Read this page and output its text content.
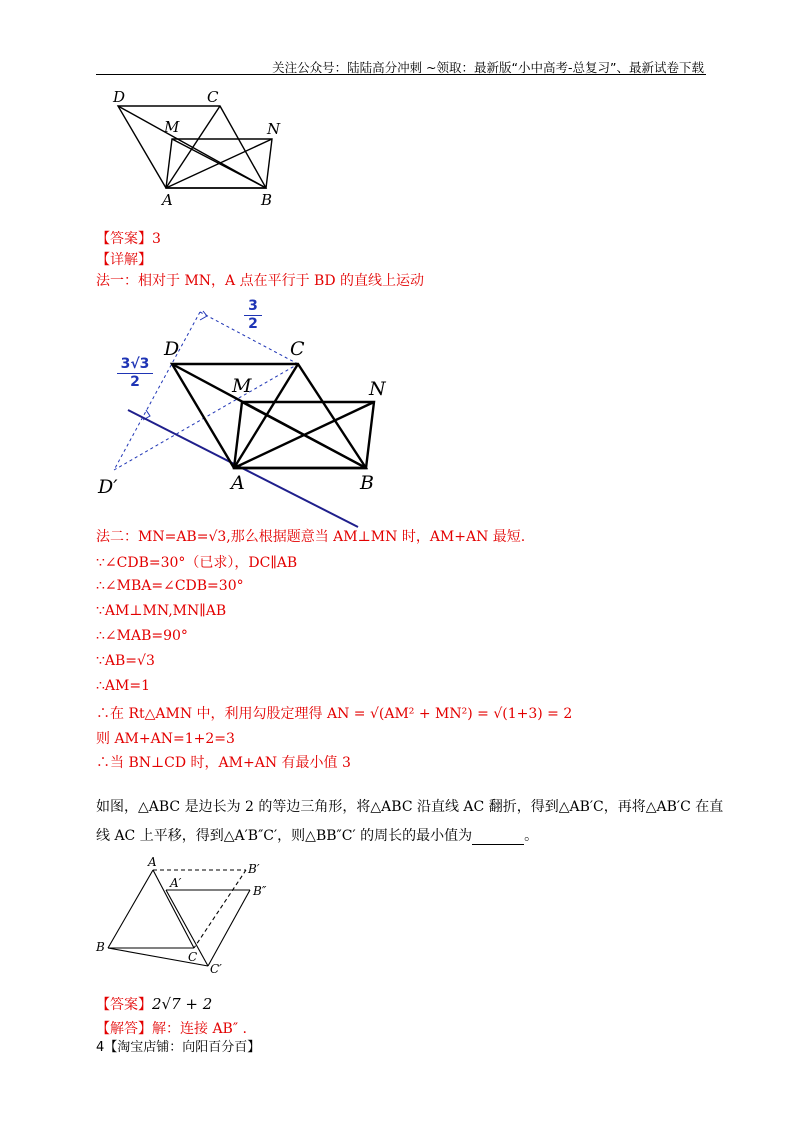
关注公众号：陆陆高分冲刺 ~领取：最新版“小中高考-总复习”、最新试卷下载
D	C
M	N
A	B
【答案】3
【详解】
法一：相对于 MN，A 点在平行于 BD 的直线上运动
$\frac{3}{2}$
$\frac{3√3}{2}$
D	C
M	N
D′	A	B
法二：MN=AB=√3,那么根据题意当 AM⊥MN 时，AM+AN 最短.
∵∠CDB=30°（已求），DC∥AB
∴∠MBA=∠CDB=30°
∵AM⊥MN,MN∥AB
∴∠MAB=90°
∵AB=√3
∴AM=1
∴在 Rt△AMN 中，利用勾股定理得 AN = √(AM² + MN²) = √(1+3) = 2
则 AM+AN=1+2=3
∴当 BN⊥CD 时，AM+AN 有最小值 3
如图，△ABC 是边长为 2 的等边三角形，将△ABC 沿直线 AC 翻折，得到△AB′C，再将△AB′C 在直
线 AC 上平移，得到△A′B″C′，则△BB″C′ 的周长的最小值为	。
A	B′
A′
B″
B
C
C′
【答案】2√7 + 2
【解答】解：连接 AB″ .
4【淘宝店铺：向阳百分百】
